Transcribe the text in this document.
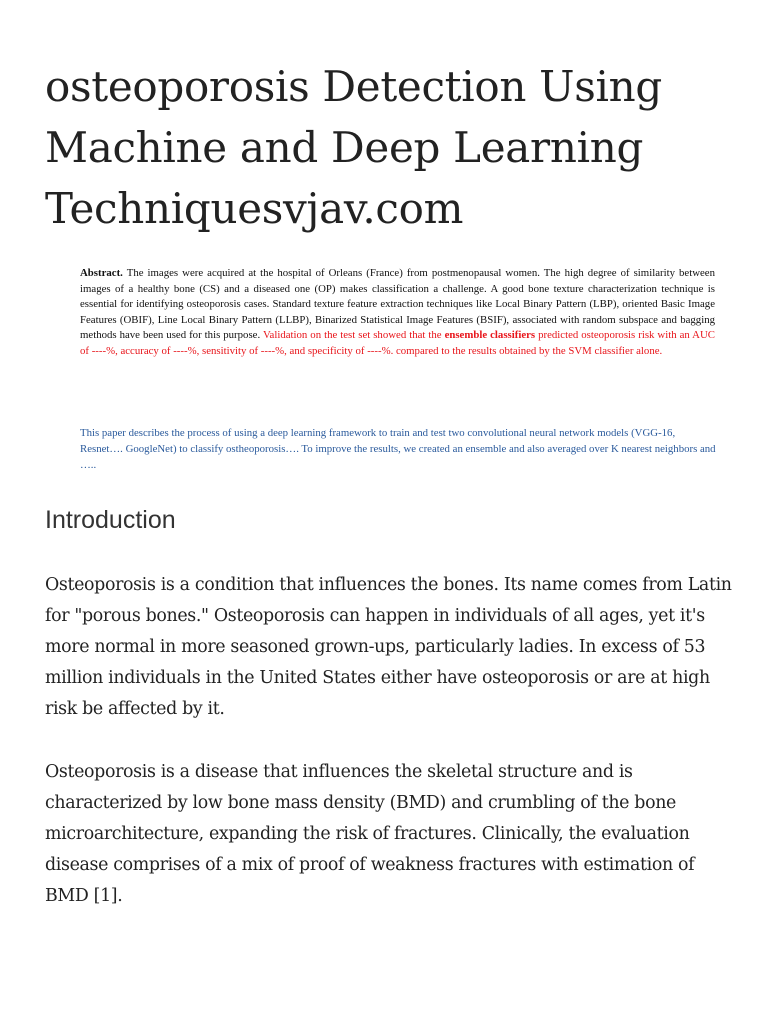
osteoporosis Detection Using Machine and Deep Learning Techniquesvjav.com

Abstract. The images were acquired at the hospital of Orleans (France) from postmenopausal women. The high degree of similarity between images of a healthy bone (CS) and a diseased one (OP) makes classification a challenge. A good bone texture characterization technique is essential for identifying osteoporosis cases. Standard texture feature extraction techniques like Local Binary Pattern (LBP), oriented Basic Image Features (OBIF), Line Local Binary Pattern (LLBP), Binarized Statistical Image Features (BSIF), associated with random subspace and bagging methods have been used for this purpose. Validation on the test set showed that the ensemble classifiers predicted osteoporosis risk with an AUC of ----%, accuracy of ----%, sensitivity of ----%, and specificity of ----%. compared to the results obtained by the SVM classifier alone.

This paper describes the process of using a deep learning framework to train and test two convolutional neural network models (VGG-16, Resnet…. GoogleNet) to classify ostheoporosis…. To improve the results, we created an ensemble and also averaged over K nearest neighbors and …..

Introduction

Osteoporosis is a condition that influences the bones. Its name comes from Latin for "porous bones." Osteoporosis can happen in individuals of all ages, yet it's more normal in more seasoned grown-ups, particularly ladies. In excess of 53 million individuals in the United States either have osteoporosis or are at high risk be affected by it.

Osteoporosis is a disease that influences the skeletal structure and is characterized by low bone mass density (BMD) and crumbling of the bone microarchitecture, expanding the risk of fractures. Clinically, the evaluation disease comprises of a mix of proof of weakness fractures with estimation of BMD [1].
